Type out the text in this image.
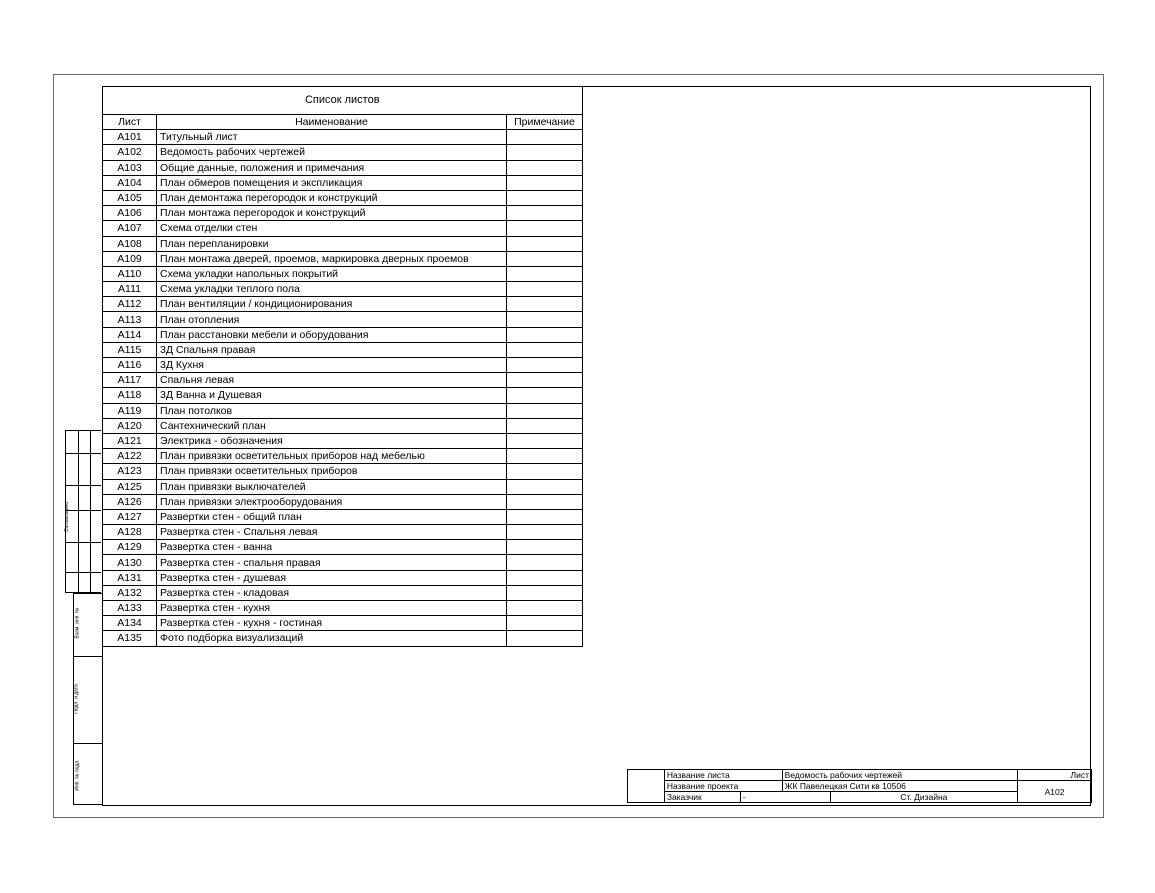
Список листов		
Лист	Наименование	Примечание
А101	Титульный лист	
А102	Ведомость рабочих чертежей	
А103	Общие данные, положения и примечания	
А104	План обмеров помещения и экспликация	
А105	План демонтажа перегородок и конструкций	
А106	План монтажа перегородок и конструкций	
А107	Схема отделки стен	
А108	План перепланировки	
А109	План монтажа дверей, проемов, маркировка дверных проемов	
А110	Схема укладки напольных покрытий	
А111	Схема укладки теплого пола	
А112	План вентиляции / кондиционирования	
А113	План отопления	
А114	План расстановки мебели и оборудования	
А115	3Д Спальня правая	
А116	3Д Кухня	
А117	Спальня левая	
А118	3Д Ванна и Душевая	
А119	План потолков	
А120	Сантехнический план	
А121	Электрика - обозначения	
А122	План привязки осветительных приборов над мебелью	
А123	План привязки осветительных приборов	
А125	План привязки выключателей	
А126	План привязки электрооборудования	
А127	Развертки стен - общий план	
А128	Развертка стен - Спальня левая	
А129	Развертка стен - ванна	
А130	Развертка стен - спальня правая	
А131	Развертка стен - душевая	
А132	Развертка стен - кладовая	
А133	Развертка стен - кухня	
А134	Развертка стен - кухня - гостиная	
А135	Фото подборка визуализаций	
Согласовано
Взам. инв. №
Подп. и дата
Инв. № подл.
		Название листа		Ведомость рабочих чертежей		Лист
	Название проекта		ЖК Павелецкая Сити кв 10506		А102
	Заказчик	-		Ст. Дизайна	
